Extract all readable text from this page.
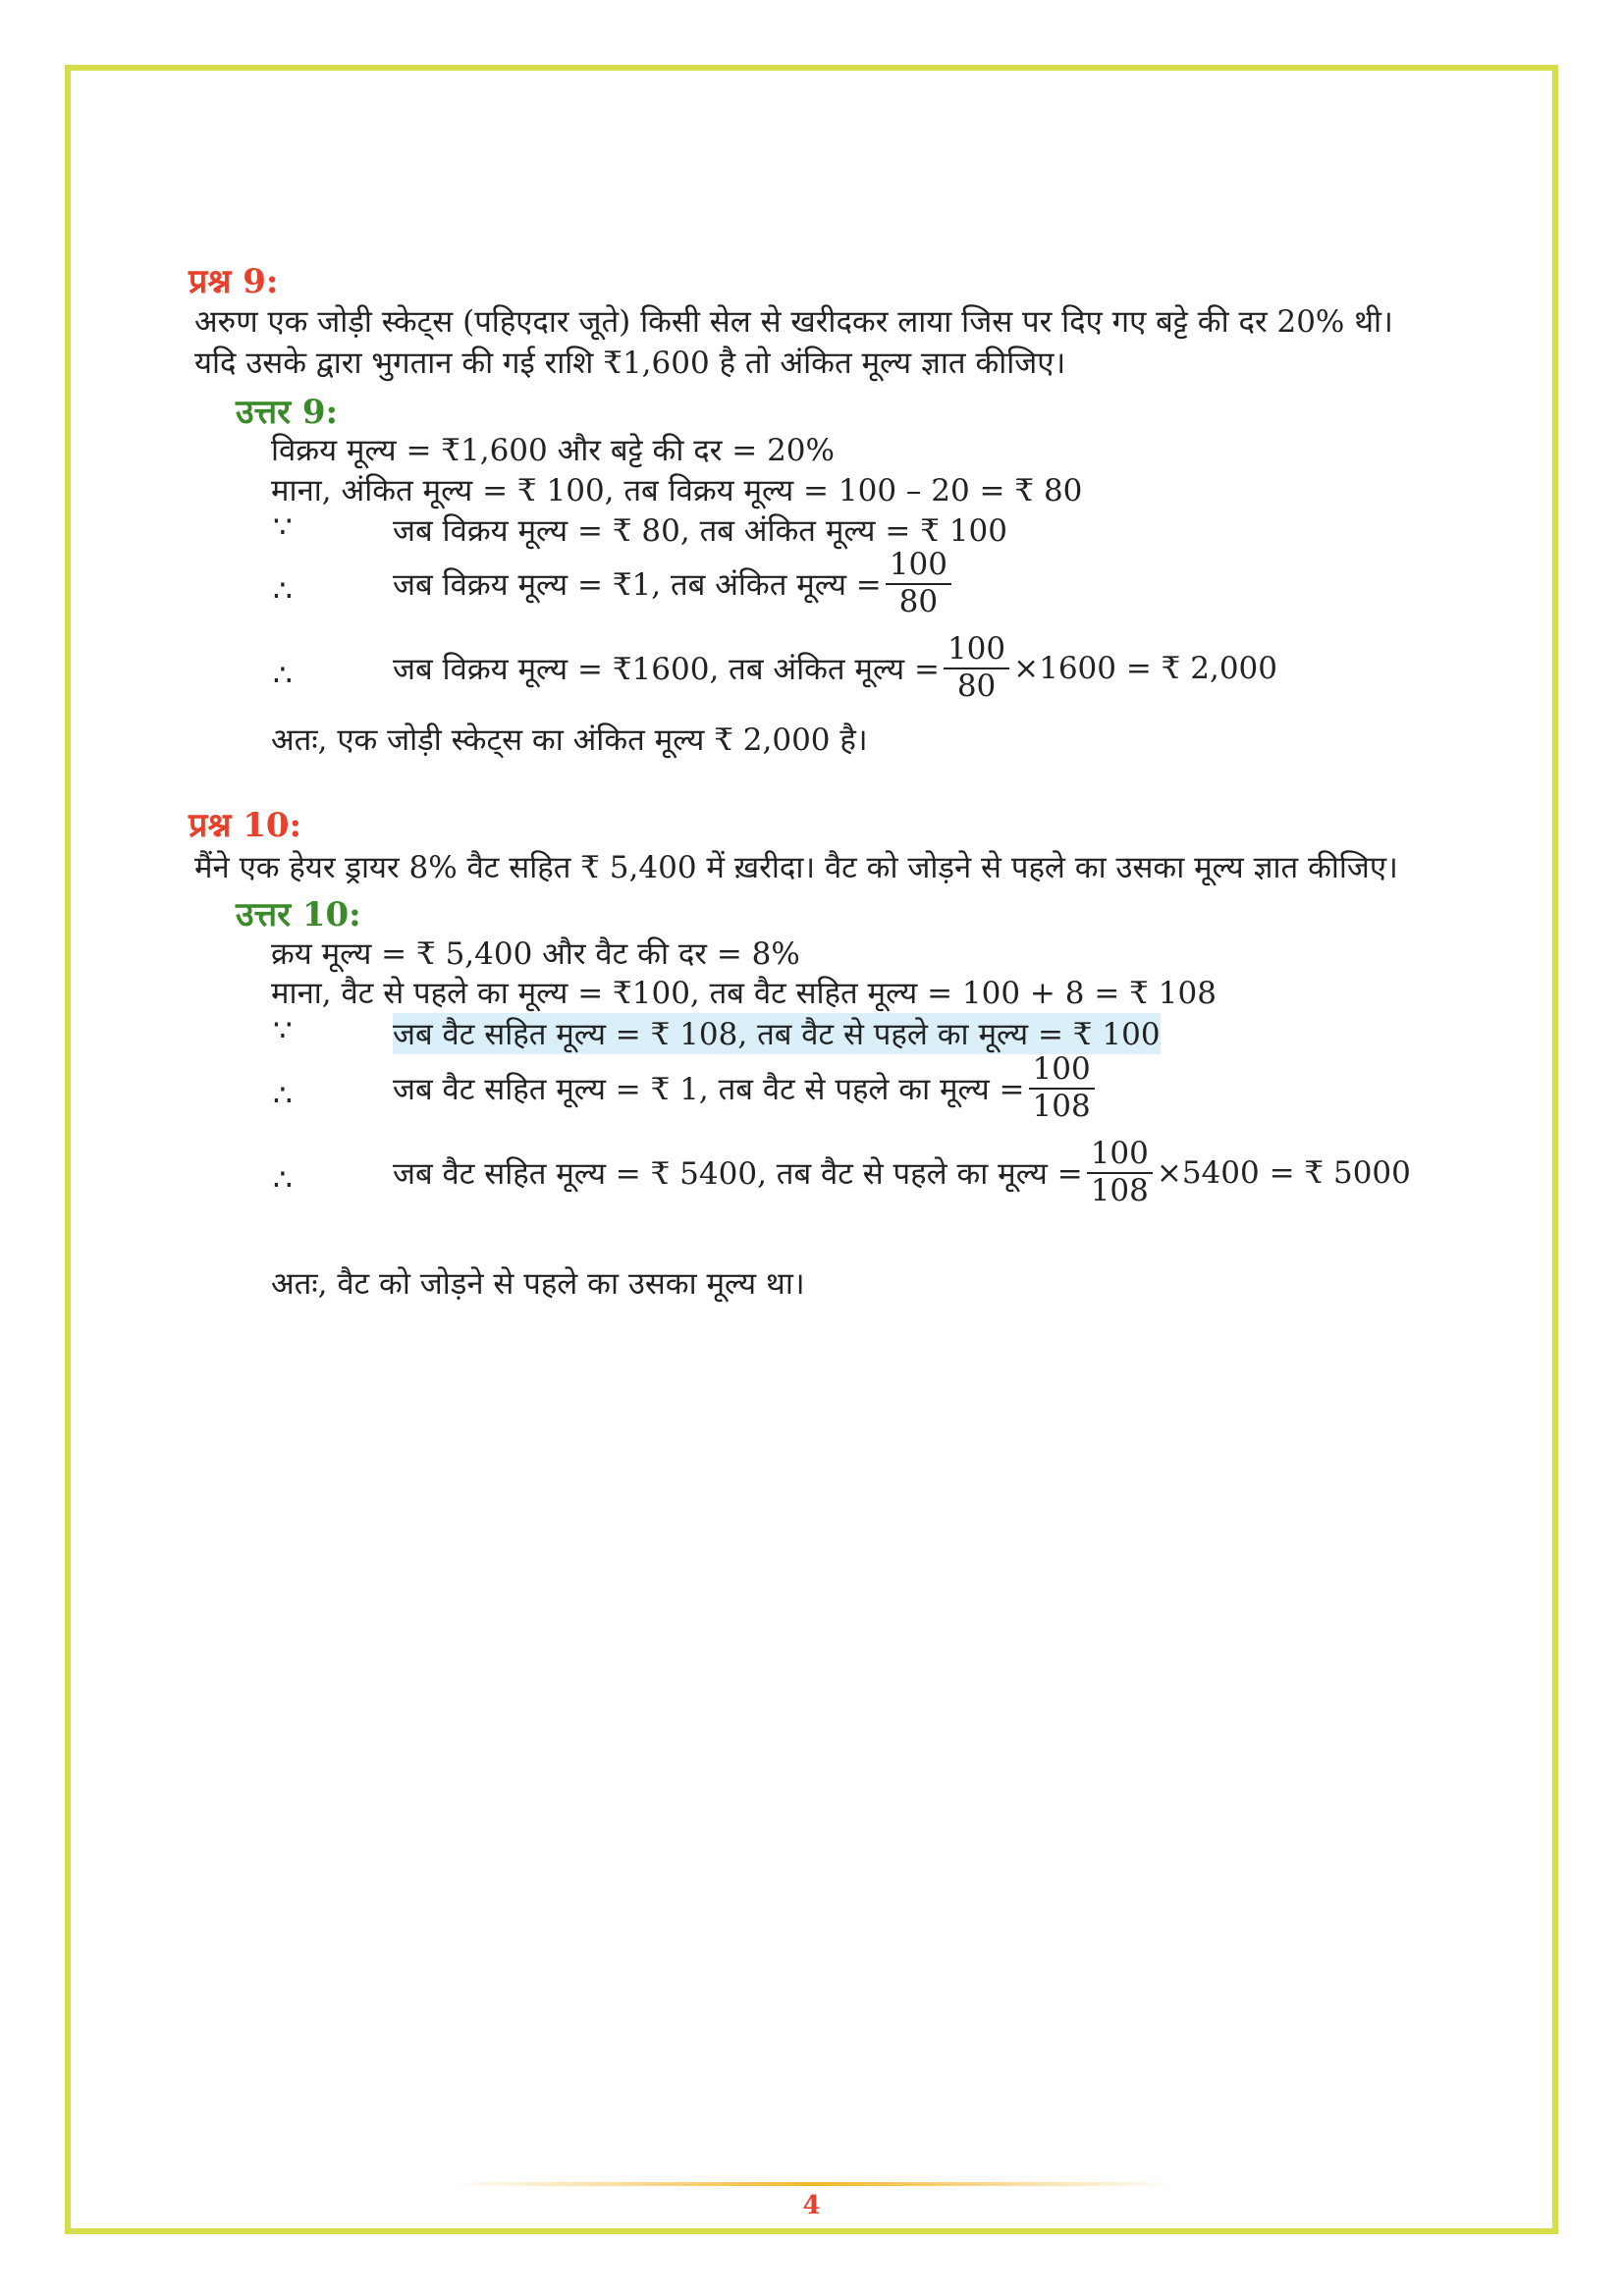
प्रश्न 9:
अरुण एक जोड़ी स्केट्स (पहिएदार जूते) किसी सेल से खरीदकर लाया जिस पर दिए गए बट्टे की दर 20% थी।
यदि उसके द्वारा भुगतान की गई राशि ₹1,600 है तो अंकित मूल्य ज्ञात कीजिए।
उत्तर 9:
विक्रय मूल्य = ₹1,600 और बट्टे की दर = 20%
माना, अंकित मूल्य = ₹ 100, तब विक्रय मूल्य = 100 – 20 = ₹ 80
∵	जब विक्रय मूल्य = ₹ 80, तब अंकित मूल्य = ₹ 100
∴	जब विक्रय मूल्य = ₹1, तब अंकित मूल्य = $\frac{100}{80}$
∴	जब विक्रय मूल्य = ₹1600, तब अंकित मूल्य = $\frac{100}{80} \times 1600$ = ₹ 2,000
अतः, एक जोड़ी स्केट्स का अंकित मूल्य ₹ 2,000 है।
प्रश्न 10:
मैंने एक हेयर ड्रायर 8% वैट सहित ₹ 5,400 में ख़रीदा। वैट को जोड़ने से पहले का उसका मूल्य ज्ञात कीजिए।
उत्तर 10:
क्रय मूल्य = ₹ 5,400 और वैट की दर = 8%
माना, वैट से पहले का मूल्य = ₹100, तब वैट सहित मूल्य = 100 + 8 = ₹ 108
∵	जब वैट सहित मूल्य = ₹ 108, तब वैट से पहले का मूल्य = ₹ 100
∴	जब वैट सहित मूल्य = ₹ 1, तब वैट से पहले का मूल्य = $\frac{100}{108}$
∴	जब वैट सहित मूल्य = ₹ 5400, तब वैट से पहले का मूल्य = $\frac{100}{108} \times 5400$ = ₹ 5000
अतः, वैट को जोड़ने से पहले का उसका मूल्य था।
4
